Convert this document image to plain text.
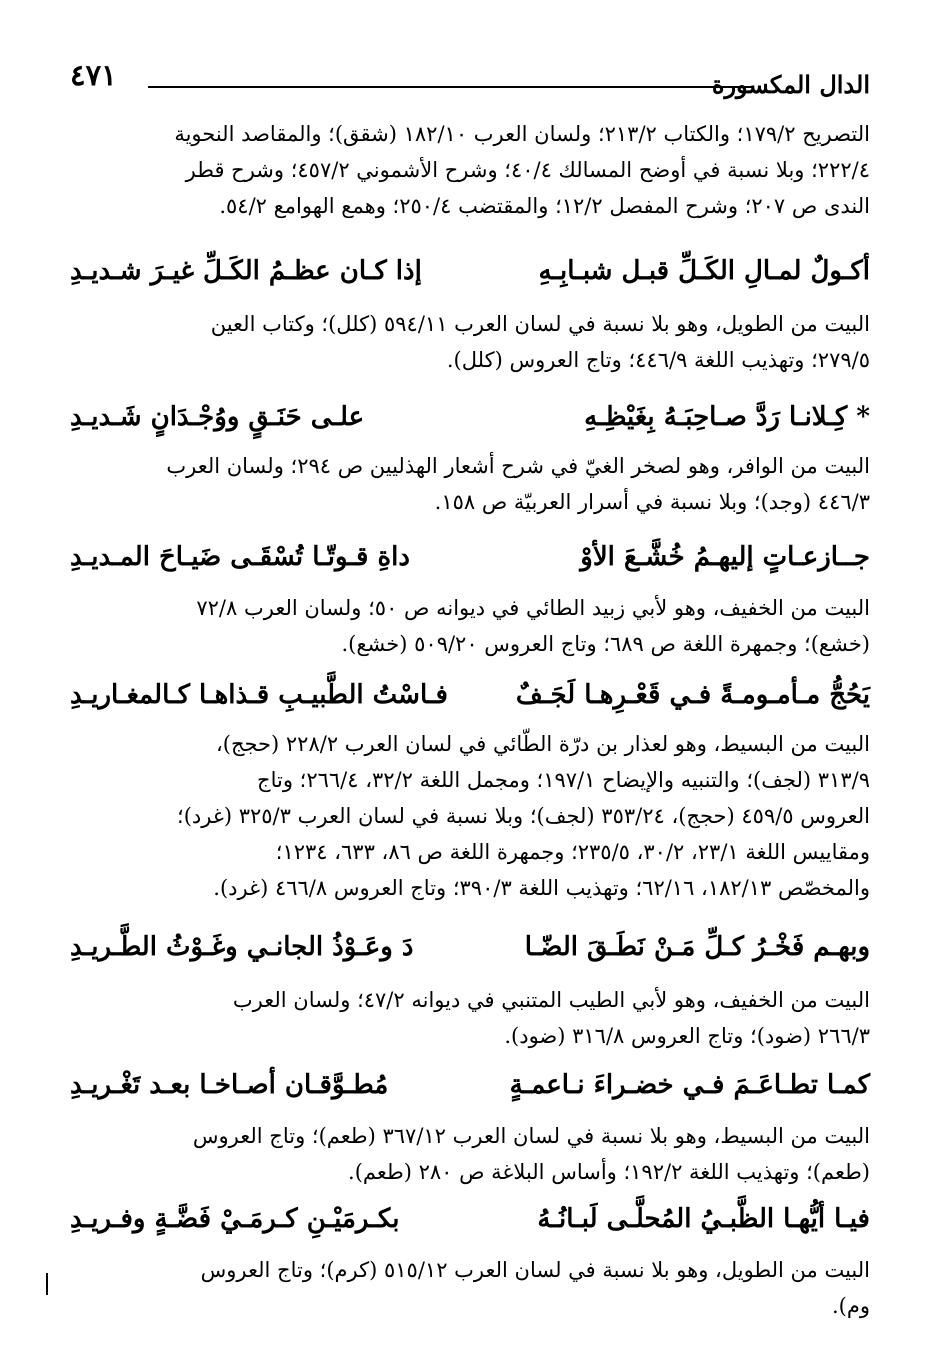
٤٧١	الدال المكسورة
التصريح ١٧٩/٢؛ والكتاب ٢١٣/٢؛ ولسان العرب ١٨٢/١٠ (شقق)؛ والمقاصد النحوية
٢٢٢/٤؛ وبلا نسبة في أوضح المسالك ٤٠/٤؛ وشرح الأشموني ٤٥٧/٢؛ وشرح قطر
الندى ص ٢٠٧؛ وشرح المفصل ١٢/٢؛ والمقتضب ٢٥٠/٤؛ وهمع الهوامع ٥٤/٢.
أكـولٌ لمـالِ الكَـلِّ قبـل شبـابِـهِ
إذا كـان عظـمُ الكَـلِّ غيـرَ شـديـدِ
البيت من الطويل، وهو بلا نسبة في لسان العرب ٥٩٤/١١ (كلل)؛ وكتاب العين
٢٧٩/٥؛ وتهذيب اللغة ٤٤٦/٩؛ وتاج العروس (كلل).
* كِـلانـا رَدَّ صـاحِبَـهُ بِغَيْظِـهِ
علـى حَنَـقٍ ووُجْـدَانٍ شَـديـدِ
البيت من الوافر، وهو لصخر الغيّ في شرح أشعار الهذليين ص ٢٩٤؛ ولسان العرب
٤٤٦/٣ (وجد)؛ وبلا نسبة في أسرار العربيّة ص ١٥٨.
جــازعـاتٍ إليهـمُ خُشَّـعَ الأوْ
داةِ قـوتّـا تُسْقَـى ضَيـاحَ المـديـدِ
البيت من الخفيف، وهو لأبي زبيد الطائي في ديوانه ص ٥٠؛ ولسان العرب ٧٢/٨
(خشع)؛ وجمهرة اللغة ص ٦٨٩؛ وتاج العروس ٥٠٩/٢٠ (خشع).
يَحُجُّ مـأمـومـةً فـي قَعْـرِهـا لَجَـفٌ
فـاسْتُ الطَّبيـبِ قـذاهـا كـالمغـاريـدِ
البيت من البسيط، وهو لعذار بن درّة الطّائي في لسان العرب ٢٢٨/٢ (حجج)،
٣١٣/٩ (لجف)؛ والتنبيه والإيضاح ١٩٧/١؛ ومجمل اللغة ٣٢/٢، ٢٦٦/٤؛ وتاج
العروس ٤٥٩/٥ (حجج)، ٣٥٣/٢٤ (لجف)؛ وبلا نسبة في لسان العرب ٣٢٥/٣ (غرد)؛
ومقاييس اللغة ٢٣/١، ٣٠/٢، ٢٣٥/٥؛ وجمهرة اللغة ص ٨٦، ٦٣٣، ١٢٣٤؛
والمخصّص ١٨٢/١٣، ٦٢/١٦؛ وتهذيب اللغة ٣٩٠/٣؛ وتاج العروس ٤٦٦/٨ (غرد).
وبهـم فَخْـرُ كـلِّ مَـنْ نَطَـقَ الضّـا
دَ وعَـوْذُ الجانـي وغَـوْثُ الطَّـريـدِ
البيت من الخفيف، وهو لأبي الطيب المتنبي في ديوانه ٤٧/٢؛ ولسان العرب
٢٦٦/٣ (ضود)؛ وتاج العروس ٣١٦/٨ (ضود).
كمـا تطـاعَـمَ فـي خضـراءَ نـاعمـةٍ
مُطـوَّقـان أصـاخـا بعـد تَغْـريـدِ
البيت من البسيط، وهو بلا نسبة في لسان العرب ٣٦٧/١٢ (طعم)؛ وتاج العروس
(طعم)؛ وتهذيب اللغة ١٩٢/٢؛ وأساس البلاغة ص ٢٨٠ (طعم).
فيـا أيُّهـا الظَّبـيُ المُحلَّـى لَبـانُـهُ
بكـرمَيْـنِ كـرمَـيْ فَضَّـةٍ وفـريـدِ
البيت من الطويل، وهو بلا نسبة في لسان العرب ٥١٥/١٢ (كرم)؛ وتاج العروس
وم).
